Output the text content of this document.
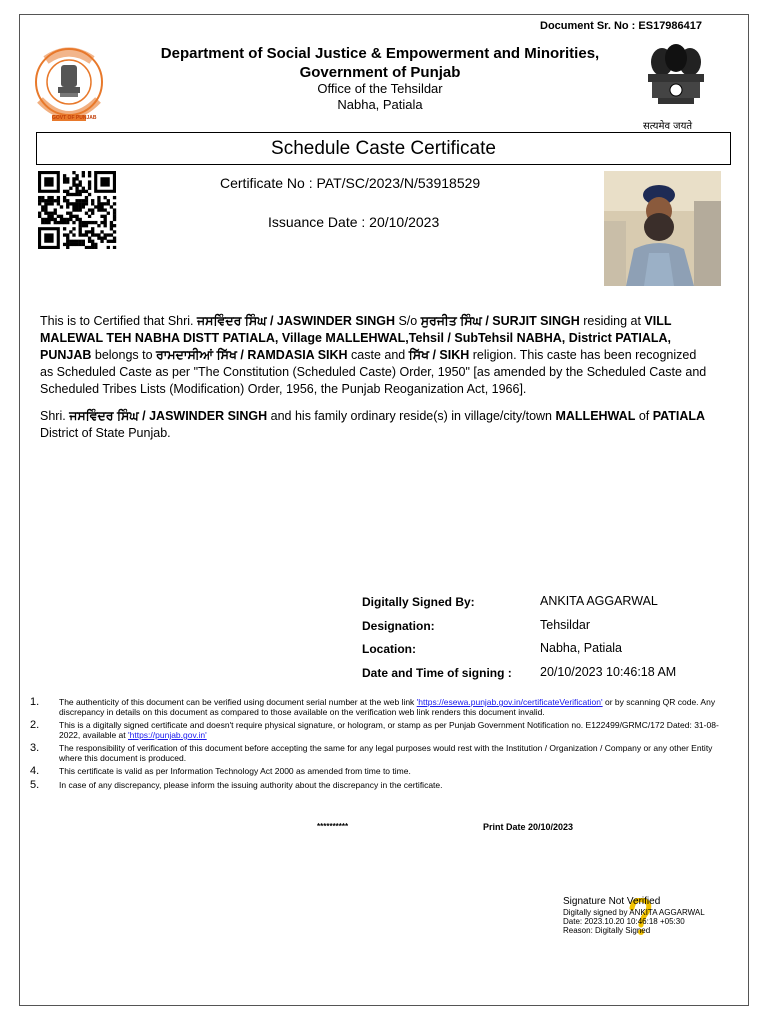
Document Sr. No : ES17986417
GOVT OF PUNJAB
Department of Social Justice & Empowerment and Minorities,
Government of Punjab
Office of the Tehsildar
Nabha, Patiala
सत्यमेव जयते
Schedule Caste Certificate
Certificate No : PAT/SC/2023/N/53918529
Issuance Date : 20/10/2023
This is to Certified that Shri. ਜਸਵਿੰਦਰ ਸਿੰਘ / JASWINDER SINGH S/o ਸੁਰਜੀਤ ਸਿੰਘ / SURJIT SINGH residing at VILL MALEWAL TEH NABHA DISTT PATIALA, Village MALLEHWAL,Tehsil / SubTehsil NABHA, District PATIALA, PUNJAB belongs to ਰਾਮਦਾਸੀਆਂ ਸਿੱਖ / RAMDASIA SIKH caste and ਸਿੱਖ / SIKH religion. This caste has been recognized as Scheduled Caste as per "The Constitution (Scheduled Caste) Order, 1950" [as amended by the Scheduled Caste and Scheduled Tribes Lists (Modification) Order, 1956, the Punjab Reoganization Act, 1966].
Shri. ਜਸਵਿੰਦਰ ਸਿੰਘ / JASWINDER SINGH and his family ordinary reside(s) in village/city/town MALLEHWAL of PATIALA District of State Punjab.
Digitally Signed By:	ANKITA AGGARWAL
Designation:	Tehsildar
Location:	Nabha, Patiala
Date and Time of signing : 20/10/2023 10:46:18 AM
1.	The authenticity of this document can be verified using document serial number at the web link 'https://esewa.punjab.gov.in/certificateVerification' or by scanning QR code. Any discrepancy in details on this document as compared to those available on the verification web link renders this document invalid.
2.	This is a digitally signed certificate and doesn't require physical signature, or hologram, or stamp as per Punjab Government Notification no. E122499/GRMC/172 Dated: 31-08-2022, available at 'https://punjab.gov.in'
3.	The responsibility of verification of this document before accepting the same for any legal purposes would rest with the Institution / Organization / Company or any other Entity where this document is produced.
4.	This certificate is valid as per Information Technology Act 2000 as amended from time to time.
5.	In case of any discrepancy, please inform the issuing authority about the discrepancy in the certificate.
**********	Print Date 20/10/2023
Signature Not Verified
Digitally signed by ANKITA AGGARWAL
Date: 2023.10.20 10:46:18 +05:30
Reason: Digitally Signed
